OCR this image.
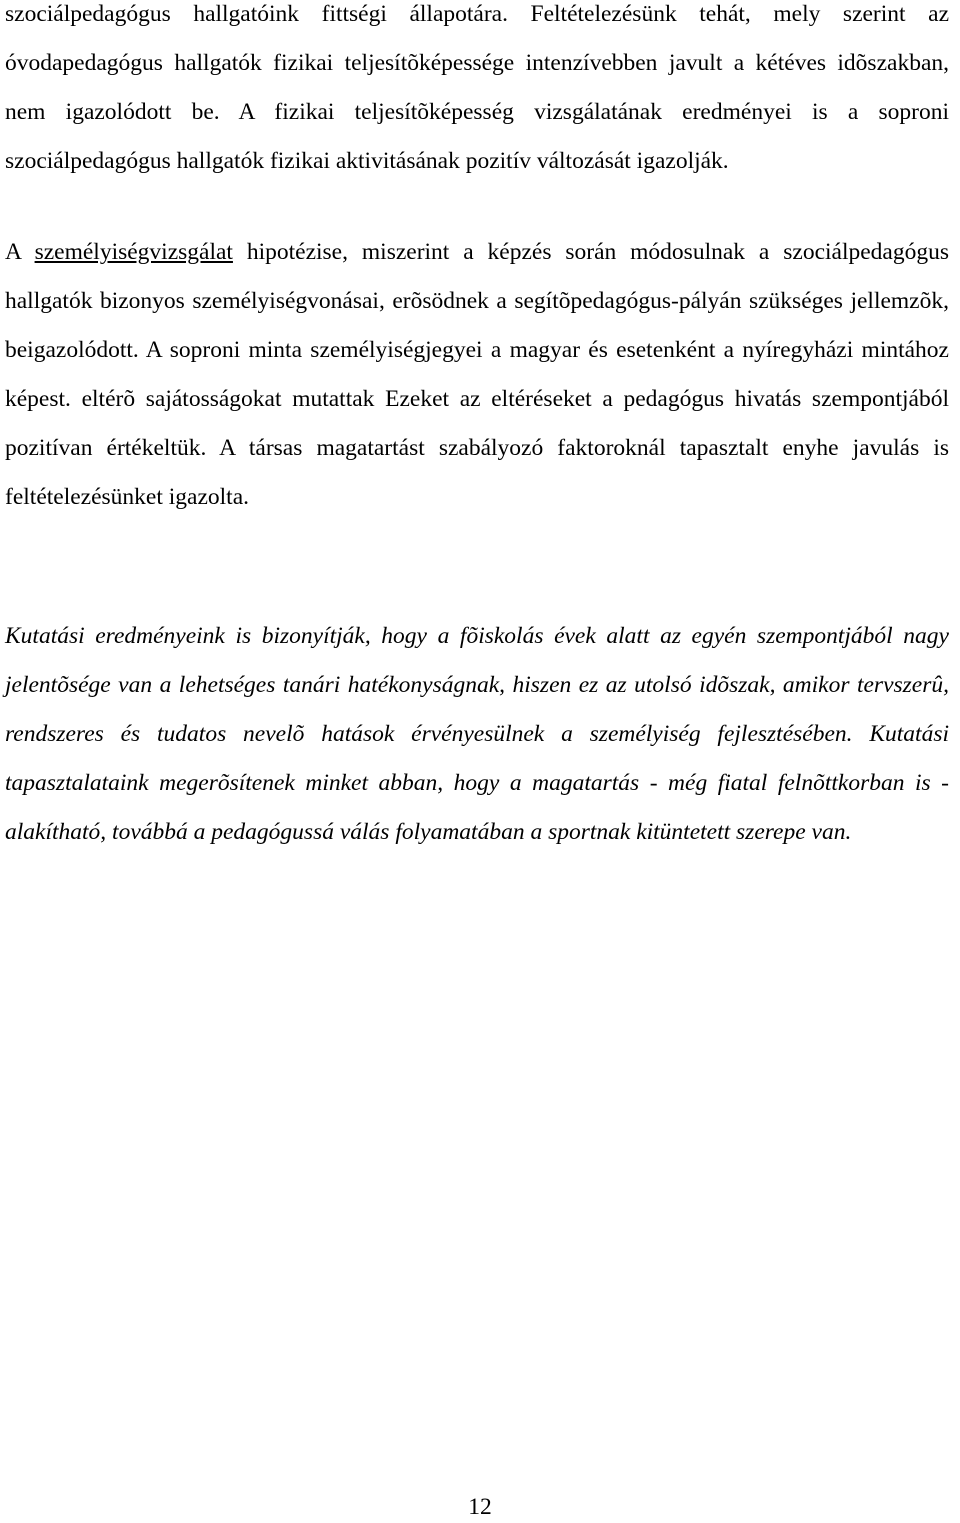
szociálpedagógus hallgatóink fittségi állapotára. Feltételezésünk tehát, mely szerint az óvodapedagógus hallgatók fizikai teljesítõképessége intenzívebben javult a kétéves idõszakban, nem igazolódott be. A fizikai teljesítõképesség vizsgálatának eredményei is a soproni szociálpedagógus hallgatók fizikai aktivitásának pozitív változását igazolják.

A személyiségvizsgálat hipotézise, miszerint a képzés során módosulnak a szociálpedagógus hallgatók bizonyos személyiségvonásai, erõsödnek a segítõpedagógus-pályán szükséges jellemzõk, beigazolódott. A soproni minta személyiségjegyei a magyar és esetenként a nyíregyházi mintához képest. eltérõ sajátosságokat mutattak Ezeket az eltéréseket a pedagógus hivatás szempontjából pozitívan értékeltük. A társas magatartást szabályozó faktoroknál tapasztalt enyhe javulás is feltételezésünket igazolta.

Kutatási eredményeink is bizonyítják, hogy a fõiskolás évek alatt az egyén szempontjából nagy jelentõsége van a lehetséges tanári hatékonyságnak, hiszen ez az utolsó idõszak, amikor tervszerû, rendszeres és tudatos nevelõ hatások érvényesülnek a személyiség fejlesztésében. Kutatási tapasztalataink megerõsítenek minket abban, hogy a magatartás - még fiatal felnõttkorban is - alakítható, továbbá a pedagógussá válás folyamatában a sportnak kitüntetett szerepe van.

12
